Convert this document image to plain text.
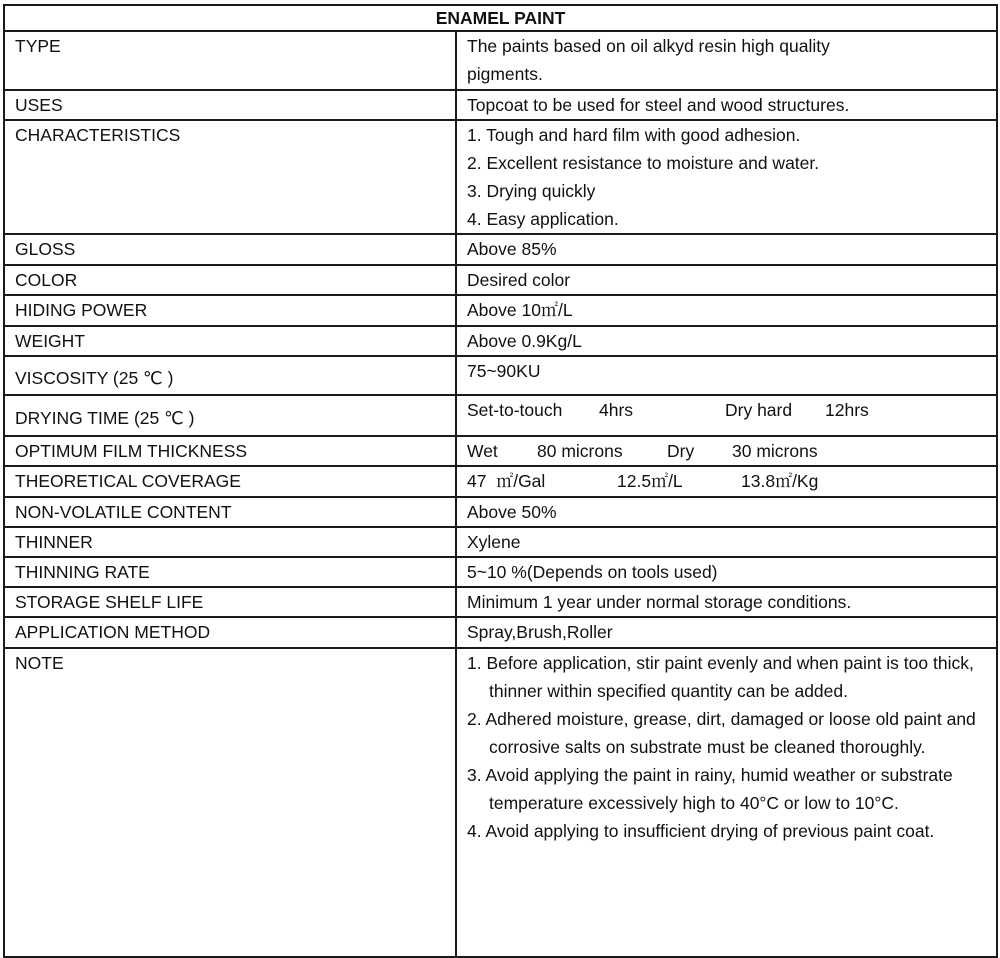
ENAMEL PAINT	
TYPE	The paints based on oil alkyd resin high quality
pigments.

USES	Topcoat to be used for steel and wood structures.
CHARACTERISTICS	1. Tough and hard film with good adhesion.
2. Excellent resistance to moisture and water.
3. Drying quickly
4. Easy application.

GLOSS	Above 85%
COLOR	Desired color
HIDING POWER	Above 10㎡/L
WEIGHT	Above 0.9Kg/L
VISCOSITY (25 ℃ )	75~90KU
DRYING TIME (25 ℃ )	Set-to-touch 4hrs Dry hard 12hrs
OPTIMUM FILM THICKNESS	Wet 80 microns Dry 30 microns
THEORETICAL COVERAGE	47 ㎡/Gal 12.5㎡/L 13.8㎡/Kg
NON-VOLATILE CONTENT	Above 50%
THINNER	Xylene
THINNING RATE	5~10 %(Depends on tools used)
STORAGE SHELF LIFE	Minimum 1 year under normal storage conditions.
APPLICATION METHOD	Spray,Brush,Roller
NOTE	1. Before application, stir paint evenly and when paint is too thick, thinner within specified quantity can be added.
2. Adhered moisture, grease, dirt, damaged or loose old paint and corrosive salts on substrate must be cleaned thoroughly.
3. Avoid applying the paint in rainy, humid weather or substrate temperature excessively high to 40°C or low to 10°C.
4. Avoid applying to insufficient drying of previous paint coat.
